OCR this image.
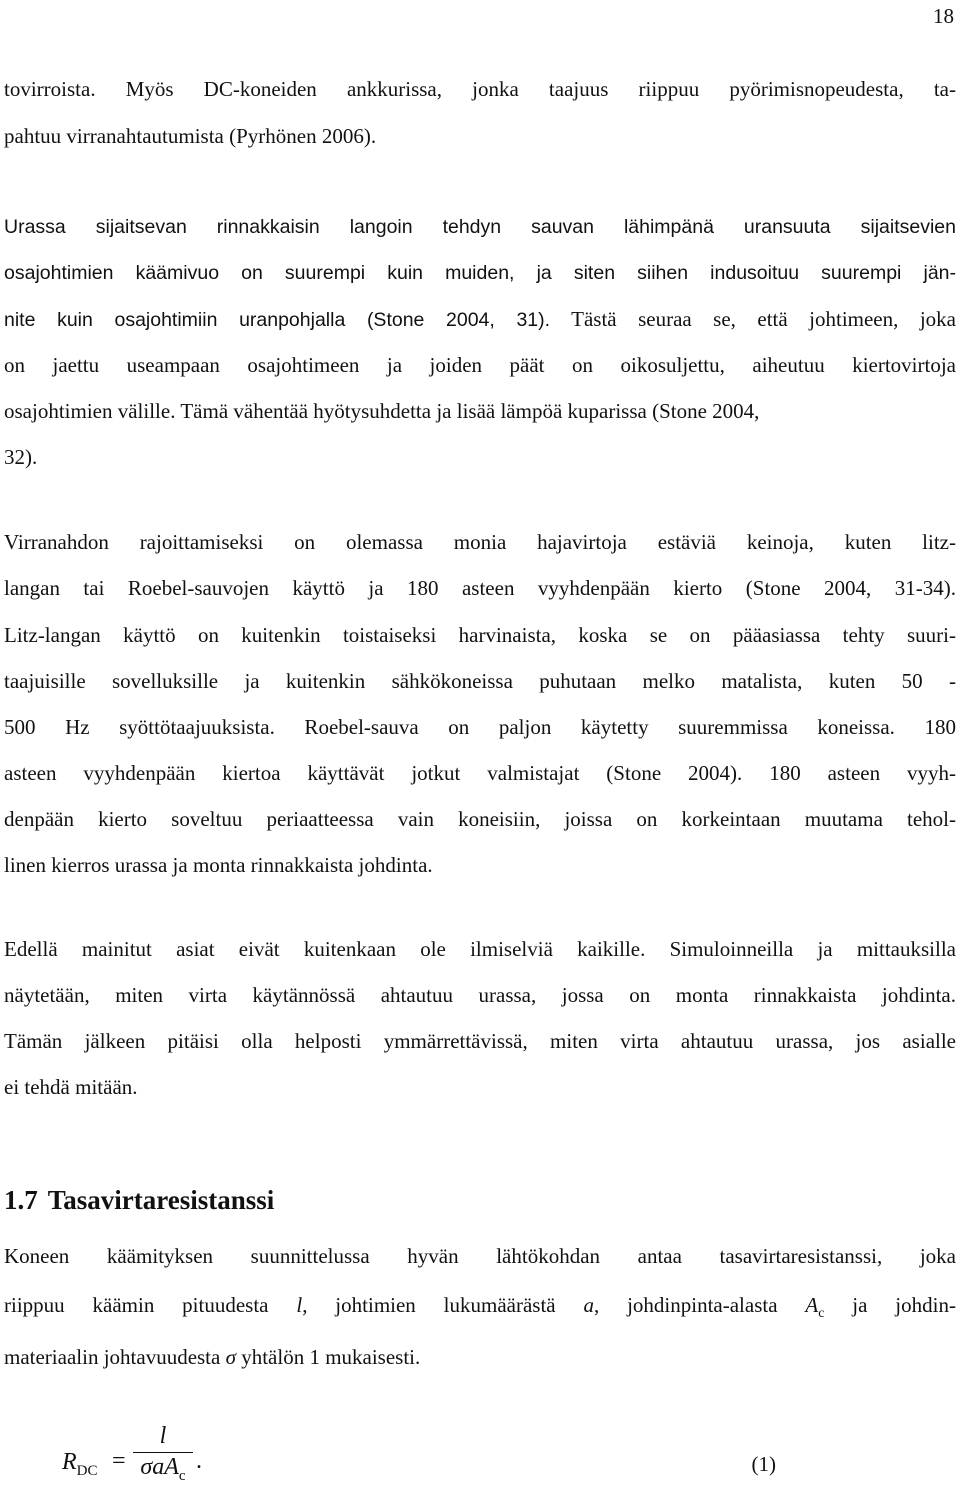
18
tovirroista. Myös DC-koneiden ankkurissa, jonka taajuus riippuu pyörimisnopeudesta, ta-
pahtuu virranahtautumista (Pyrhönen 2006).
Urassa sijaitsevan rinnakkaisin langoin tehdyn sauvan lähimpänä uransuuta sijaitsevien
osajohtimien käämivuo on suurempi kuin muiden, ja siten siihen indusoituu suurempi jän-
nite kuin osajohtimiin uranpohjalla (Stone 2004, 31). Tästä seuraa se, että johtimeen, joka
on jaettu useampaan osajohtimeen ja joiden päät on oikosuljettu, aiheutuu kiertovirtoja
osajohtimien välille. Tämä vähentää hyötysuhdetta ja lisää lämpöä kuparissa (Stone 2004,
32).
Virranahdon rajoittamiseksi on olemassa monia hajavirtoja estäviä keinoja, kuten litz-
langan tai Roebel-sauvojen käyttö ja 180 asteen vyyhdenpään kierto (Stone 2004, 31-34).
Litz-langan käyttö on kuitenkin toistaiseksi harvinaista, koska se on pääasiassa tehty suuri-
taajuisille sovelluksille ja kuitenkin sähkökoneissa puhutaan melko matalista, kuten 50 -
500 Hz syöttötaajuuksista. Roebel-sauva on paljon käytetty suuremmissa koneissa. 180
asteen vyyhdenpään kiertoa käyttävät jotkut valmistajat (Stone 2004). 180 asteen vyyh-
denpään kierto soveltuu periaatteessa vain koneisiin, joissa on korkeintaan muutama tehol-
linen kierros urassa ja monta rinnakkaista johdinta.
Edellä mainitut asiat eivät kuitenkaan ole ilmiselviä kaikille. Simuloinneilla ja mittauksilla
näytetään, miten virta käytännössä ahtautuu urassa, jossa on monta rinnakkaista johdinta.
Tämän jälkeen pitäisi olla helposti ymmärrettävissä, miten virta ahtautuu urassa, jos asialle
ei tehdä mitään.
1.7 Tasavirtaresistanssi
Koneen käämityksen suunnittelussa hyvän lähtökohdan antaa tasavirtaresistanssi, joka
riippuu käämin pituudesta l, johtimien lukumäärästä a, johdinpinta-alasta $A_c$ ja johdin-
materiaalin johtavuudesta σ yhtälön 1 mukaisesti.
$R_{DC}$ =
l
σaA$_c$
.	(1)
